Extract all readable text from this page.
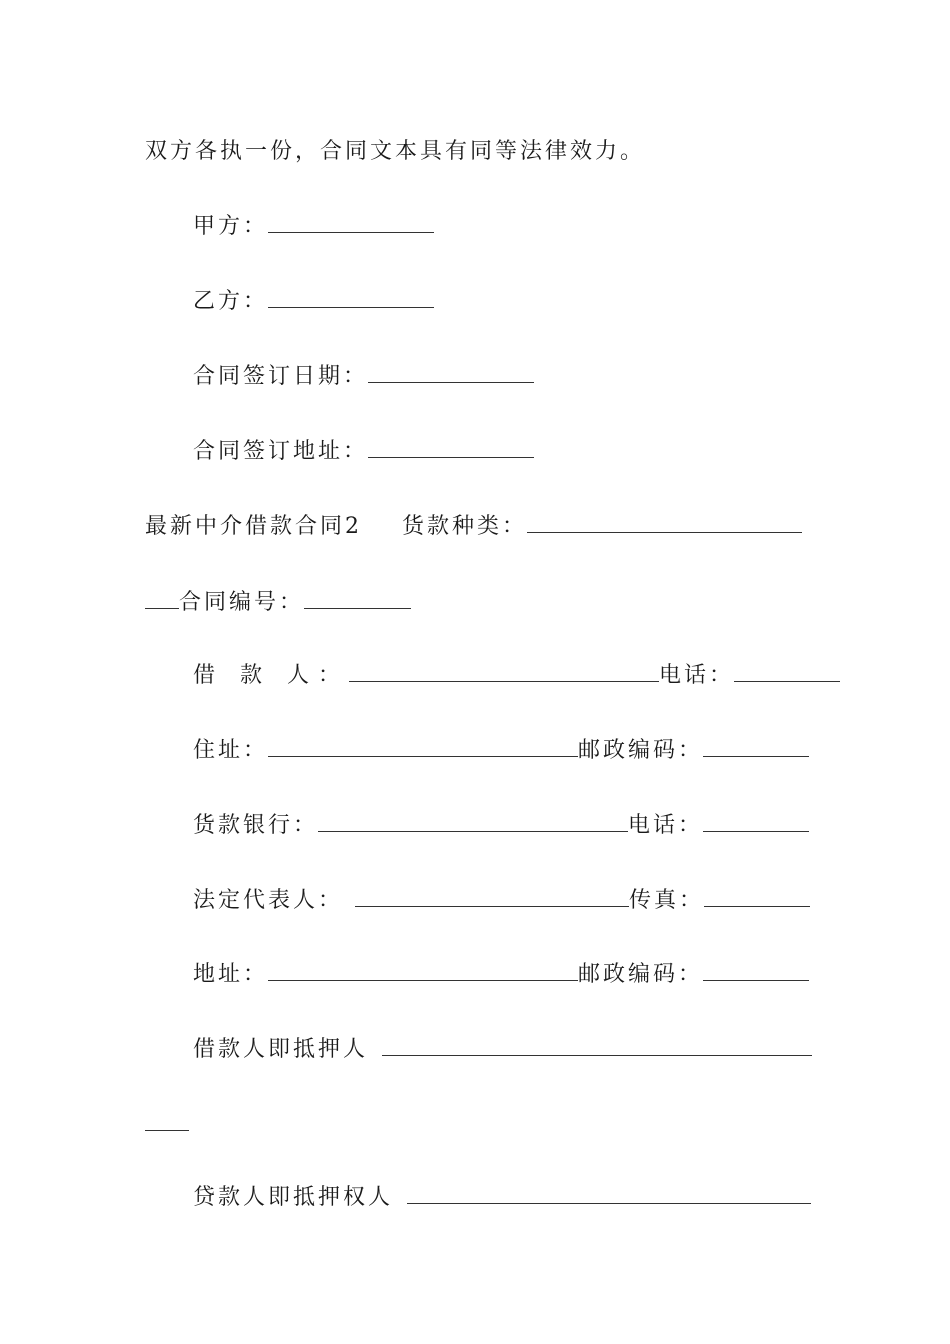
双方各执一份，合同文本具有同等法律效力。
甲方：
乙方：
合同签订日期：
合同签订地址：
最新中介借款合同2 货款种类：
合同编号：
借 款 人：	电话：
住址：	邮政编码：
货款银行：	电话：
法定代表人：	传真：
地址：	邮政编码：
借款人即抵押人
贷款人即抵押权人
